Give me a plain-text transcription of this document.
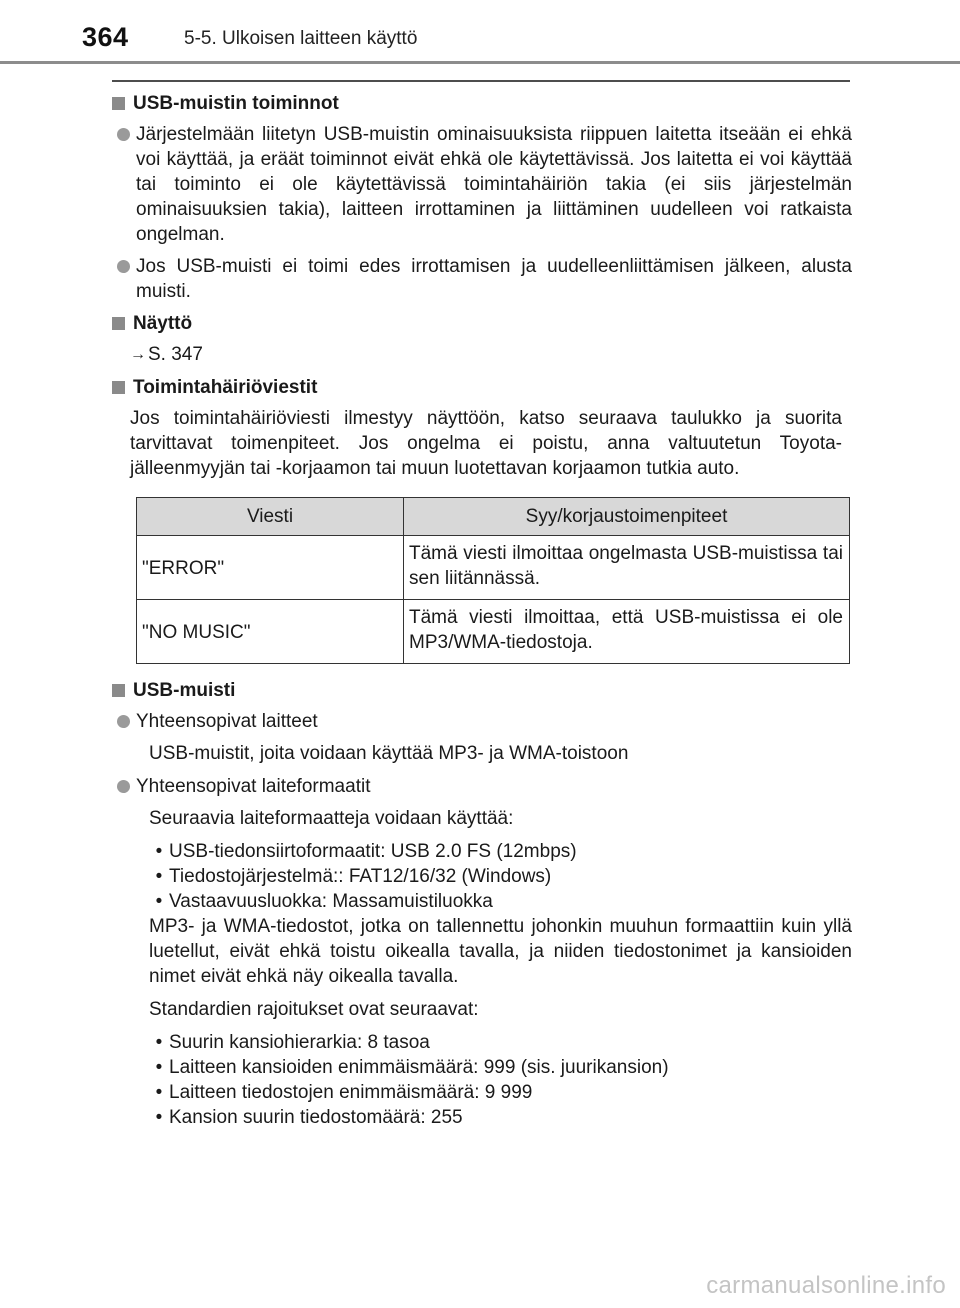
364	5-5. Ulkoisen laitteen käyttö
USB-muistin toiminnot
Järjestelmään liitetyn USB-muistin ominaisuuksista riippuen laitetta itseään ei ehkä voi käyttää, ja eräät toiminnot eivät ehkä ole käytettävissä. Jos laitetta ei voi käyttää tai toiminto ei ole käytettävissä toimintahäiriön takia (ei siis järjestelmän ominaisuuksien takia), laitteen irrottaminen ja liittäminen uudelleen voi ratkaista ongelman.
Jos USB-muisti ei toimi edes irrottamisen ja uudelleenliittämisen jälkeen, alusta muisti.
Näyttö
→ S. 347
Toimintahäiriöviestit
Jos toimintahäiriöviesti ilmestyy näyttöön, katso seuraava taulukko ja suorita tarvittavat toimenpiteet. Jos ongelma ei poistu, anna valtuutetun Toyota-jälleenmyyjän tai -korjaamon tai muun luotettavan korjaamon tutkia auto.
Viesti	Syy/korjaustoimenpiteet
"ERROR"	Tämä viesti ilmoittaa ongelmasta USB-muistissa tai sen liitännässä.
"NO MUSIC"	Tämä viesti ilmoittaa, että USB-muistissa ei ole MP3/WMA-tiedostoja.
USB-muisti
Yhteensopivat laitteet
USB-muistit, joita voidaan käyttää MP3- ja WMA-toistoon
Yhteensopivat laiteformaatit
Seuraavia laiteformaatteja voidaan käyttää:
• USB-tiedonsiirtoformaatit: USB 2.0 FS (12mbps)
• Tiedostojärjestelmä:: FAT12/16/32 (Windows)
• Vastaavuusluokka: Massamuistiluokka
MP3- ja WMA-tiedostot, jotka on tallennettu johonkin muuhun formaattiin kuin yllä luetellut, eivät ehkä toistu oikealla tavalla, ja niiden tiedostonimet ja kansioiden nimet eivät ehkä näy oikealla tavalla.
Standardien rajoitukset ovat seuraavat:
• Suurin kansiohierarkia: 8 tasoa
• Laitteen kansioiden enimmäismäärä: 999 (sis. juurikansion)
• Laitteen tiedostojen enimmäismäärä: 9 999
• Kansion suurin tiedostomäärä: 255
carmanualsonline.info
